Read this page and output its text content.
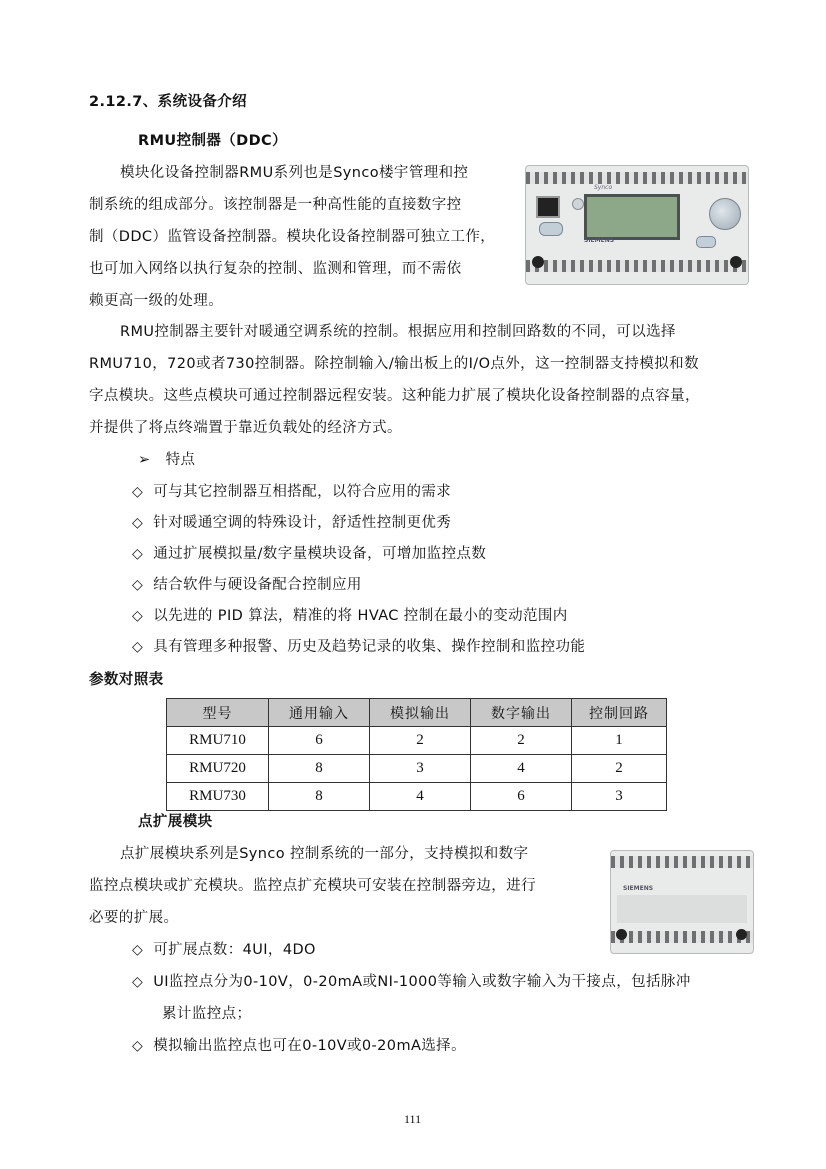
2.12.7、系统设备介绍
RMU控制器（DDC）
模块化设备控制器RMU系列也是Synco楼宇管理和控
制系统的组成部分。该控制器是一种高性能的直接数字控
制（DDC）监管设备控制器。模块化设备控制器可独立工作，
也可加入网络以执行复杂的控制、监测和管理，而不需依
赖更高一级的处理。
SIEMENS
Synco
RMU控制器主要针对暖通空调系统的控制。根据应用和控制回路数的不同，可以选择
RMU710，720或者730控制器。除控制输入/输出板上的I/O点外，这一控制器支持模拟和数
字点模块。这些点模块可通过控制器远程安装。这种能力扩展了模块化设备控制器的点容量，
并提供了将点终端置于靠近负载处的经济方式。
➢ 特点
◇ 可与其它控制器互相搭配，以符合应用的需求
◇ 针对暖通空调的特殊设计，舒适性控制更优秀
◇ 通过扩展模拟量/数字量模块设备，可增加监控点数
◇ 结合软件与硬设备配合控制应用
◇ 以先进的 PID 算法，精准的将 HVAC 控制在最小的变动范围内
◇ 具有管理多种报警、历史及趋势记录的收集、操作控制和监控功能
参数对照表
型号	通用输入	模拟输出	数字输出	控制回路
RMU710	6	2	2	1
RMU720	8	3	4	2
RMU730	8	4	6	3
点扩展模块
点扩展模块系列是Synco 控制系统的一部分，支持模拟和数字
监控点模块或扩充模块。监控点扩充模块可安装在控制器旁边，进行
必要的扩展。
SIEMENS
◇ 可扩展点数：4UI，4DO
◇ UI监控点分为0-10V，0-20mA或NI-1000等输入或数字输入为干接点，包括脉冲
累计监控点；
◇ 模拟输出监控点也可在0-10V或0-20mA选择。
111
